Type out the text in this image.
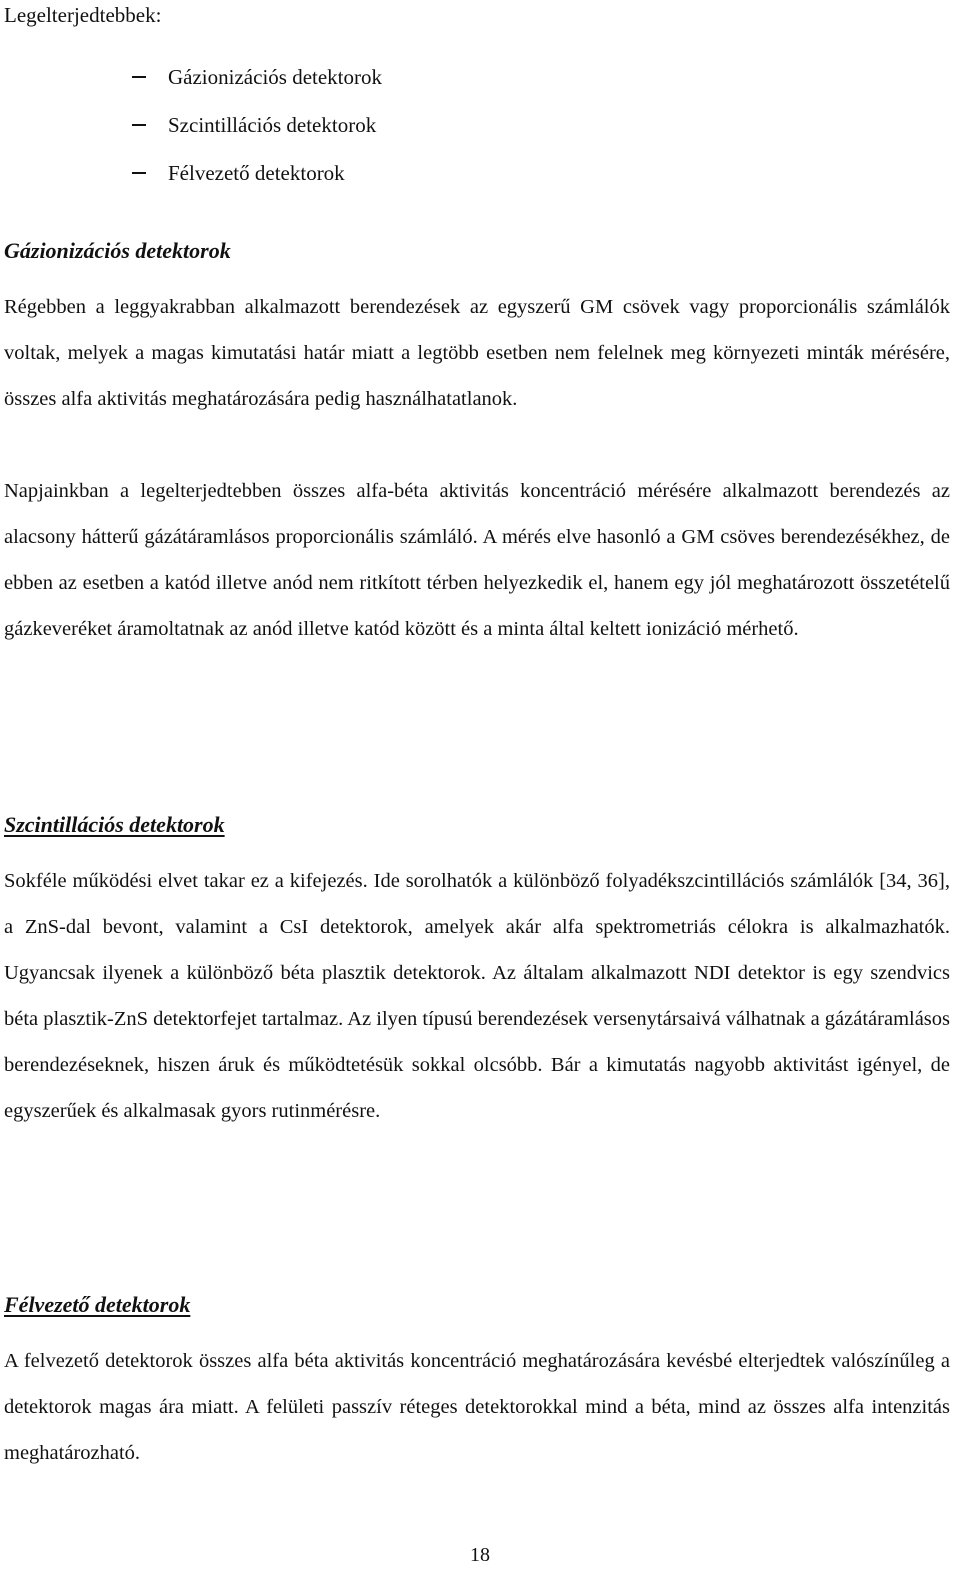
Legelterjedtebbek:

Gázionizációs detektorok
Szcintillációs detektorok
Félvezető detektorok
Gázionizációs detektorok

Régebben a leggyakrabban alkalmazott berendezések az egyszerű GM csövek vagy proporcionális számlálók voltak, melyek a magas kimutatási határ miatt a legtöbb esetben nem felelnek meg környezeti minták mérésére, összes alfa aktivitás meghatározására pedig használhatatlanok.

Napjainkban a legelterjedtebben összes alfa-béta aktivitás koncentráció mérésére alkalmazott berendezés az alacsony hátterű gázátáramlásos proporcionális számláló. A mérés elve hasonló a GM csöves berendezésékhez, de ebben az esetben a katód illetve anód nem ritkított térben helyezkedik el, hanem egy jól meghatározott összetételű gázkeveréket áramoltatnak az anód illetve katód között és a minta által keltett ionizáció mérhető.

Szcintillációs detektorok

Sokféle működési elvet takar ez a kifejezés. Ide sorolhatók a különböző folyadékszcintillációs számlálók [34, 36], a ZnS-dal bevont, valamint a CsI detektorok, amelyek akár alfa spektrometriás célokra is alkalmazhatók. Ugyancsak ilyenek a különböző béta plasztik detektorok. Az általam alkalmazott NDI detektor is egy szendvics béta plasztik-ZnS detektorfejet tartalmaz. Az ilyen típusú berendezések versenytársaivá válhatnak a gázátáramlásos berendezéseknek, hiszen áruk és működtetésük sokkal olcsóbb. Bár a kimutatás nagyobb aktivitást igényel, de egyszerűek és alkalmasak gyors rutinmérésre.

Félvezető detektorok

A felvezető detektorok összes alfa béta aktivitás koncentráció meghatározására kevésbé elterjedtek valószínűleg a detektorok magas ára miatt. A felületi passzív réteges detektorokkal mind a béta, mind az összes alfa intenzitás meghatározható.

18
